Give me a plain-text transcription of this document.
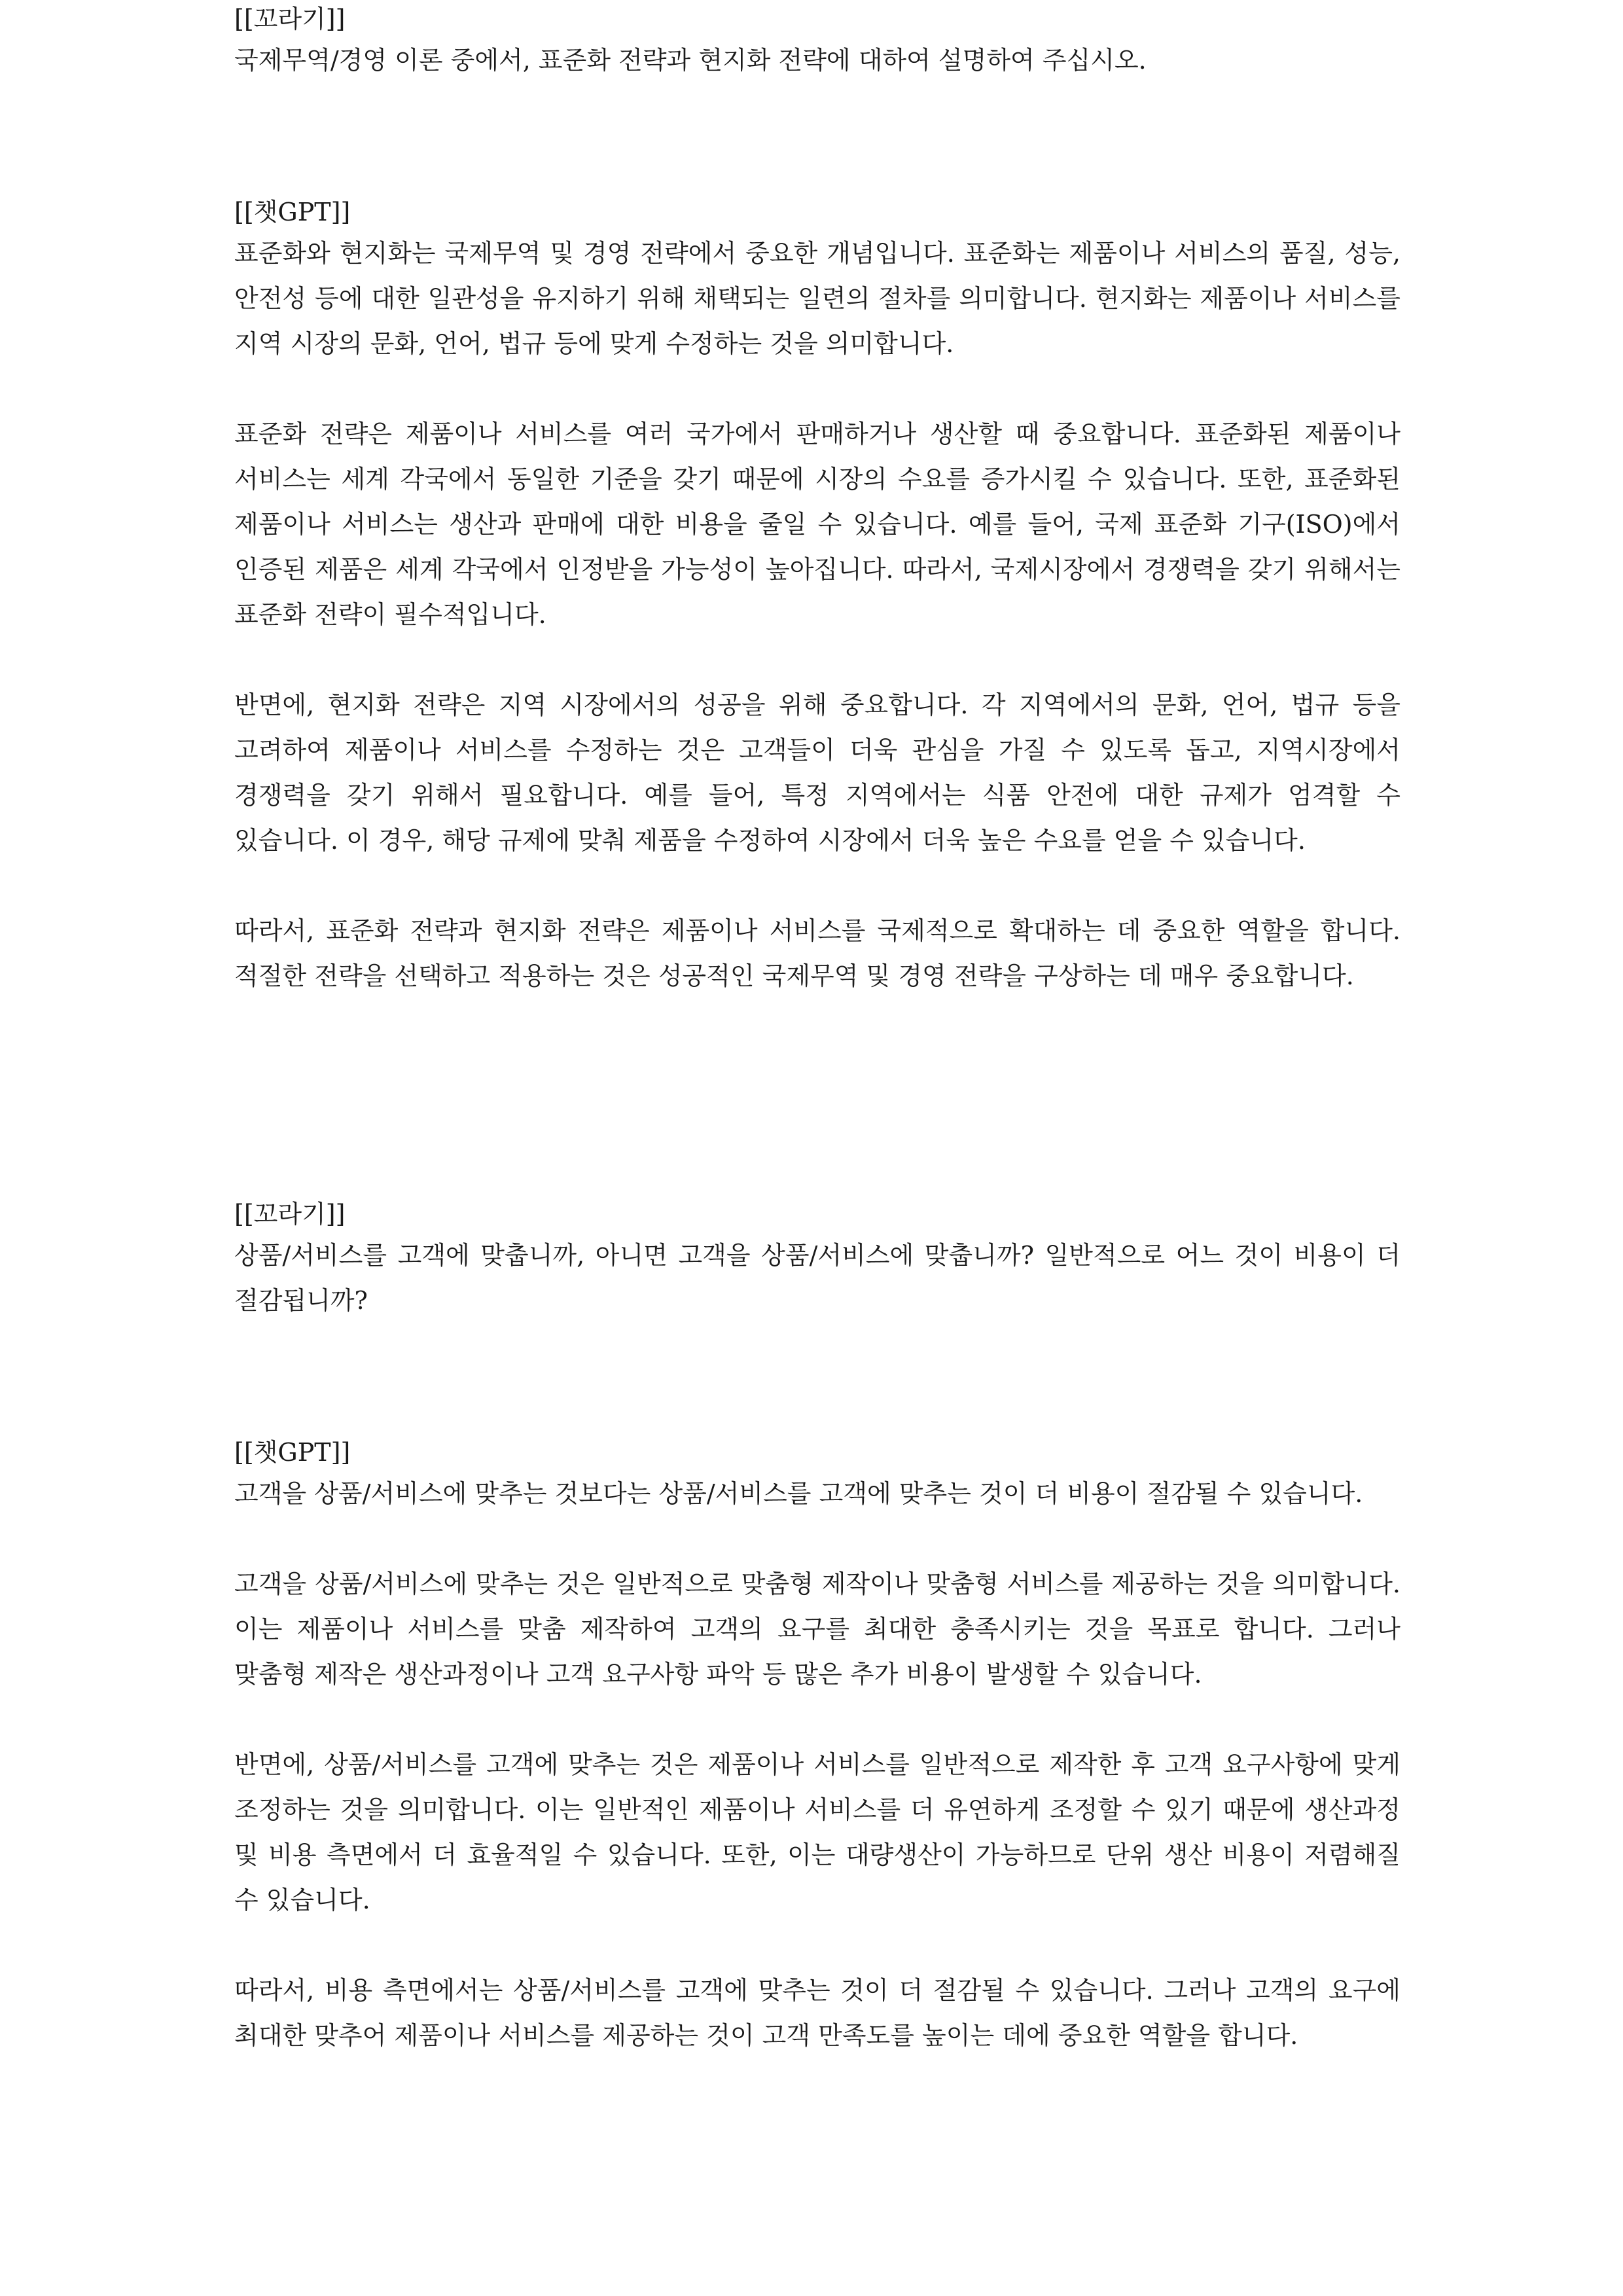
[[꼬라기]]

국제무역/경영 이론 중에서, 표준화 전략과 현지화 전략에 대하여 설명하여 주십시오.

[[챗GPT]]

표준화와 현지화는 국제무역 및 경영 전략에서 중요한 개념입니다. 표준화는 제품이나 서비스의 품질, 성능, 안전성 등에 대한 일관성을 유지하기 위해 채택되는 일련의 절차를 의미합니다. 현지화는 제품이나 서비스를 지역 시장의 문화, 언어, 법규 등에 맞게 수정하는 것을 의미합니다.

표준화 전략은 제품이나 서비스를 여러 국가에서 판매하거나 생산할 때 중요합니다. 표준화된 제품이나 서비스는 세계 각국에서 동일한 기준을 갖기 때문에 시장의 수요를 증가시킬 수 있습니다. 또한, 표준화된 제품이나 서비스는 생산과 판매에 대한 비용을 줄일 수 있습니다. 예를 들어, 국제 표준화 기구(ISO)에서 인증된 제품은 세계 각국에서 인정받을 가능성이 높아집니다. 따라서, 국제시장에서 경쟁력을 갖기 위해서는 표준화 전략이 필수적입니다.

반면에, 현지화 전략은 지역 시장에서의 성공을 위해 중요합니다. 각 지역에서의 문화, 언어, 법규 등을 고려하여 제품이나 서비스를 수정하는 것은 고객들이 더욱 관심을 가질 수 있도록 돕고, 지역시장에서 경쟁력을 갖기 위해서 필요합니다. 예를 들어, 특정 지역에서는 식품 안전에 대한 규제가 엄격할 수 있습니다. 이 경우, 해당 규제에 맞춰 제품을 수정하여 시장에서 더욱 높은 수요를 얻을 수 있습니다.

따라서, 표준화 전략과 현지화 전략은 제품이나 서비스를 국제적으로 확대하는 데 중요한 역할을 합니다. 적절한 전략을 선택하고 적용하는 것은 성공적인 국제무역 및 경영 전략을 구상하는 데 매우 중요합니다.

[[꼬라기]]

상품/서비스를 고객에 맞춥니까, 아니면 고객을 상품/서비스에 맞춥니까? 일반적으로 어느 것이 비용이 더 절감됩니까?

[[챗GPT]]

고객을 상품/서비스에 맞추는 것보다는 상품/서비스를 고객에 맞추는 것이 더 비용이 절감될 수 있습니다.

고객을 상품/서비스에 맞추는 것은 일반적으로 맞춤형 제작이나 맞춤형 서비스를 제공하는 것을 의미합니다. 이는 제품이나 서비스를 맞춤 제작하여 고객의 요구를 최대한 충족시키는 것을 목표로 합니다. 그러나 맞춤형 제작은 생산과정이나 고객 요구사항 파악 등 많은 추가 비용이 발생할 수 있습니다.

반면에, 상품/서비스를 고객에 맞추는 것은 제품이나 서비스를 일반적으로 제작한 후 고객 요구사항에 맞게 조정하는 것을 의미합니다. 이는 일반적인 제품이나 서비스를 더 유연하게 조정할 수 있기 때문에 생산과정 및 비용 측면에서 더 효율적일 수 있습니다. 또한, 이는 대량생산이 가능하므로 단위 생산 비용이 저렴해질 수 있습니다.

따라서, 비용 측면에서는 상품/서비스를 고객에 맞추는 것이 더 절감될 수 있습니다. 그러나 고객의 요구에 최대한 맞추어 제품이나 서비스를 제공하는 것이 고객 만족도를 높이는 데에 중요한 역할을 합니다.
